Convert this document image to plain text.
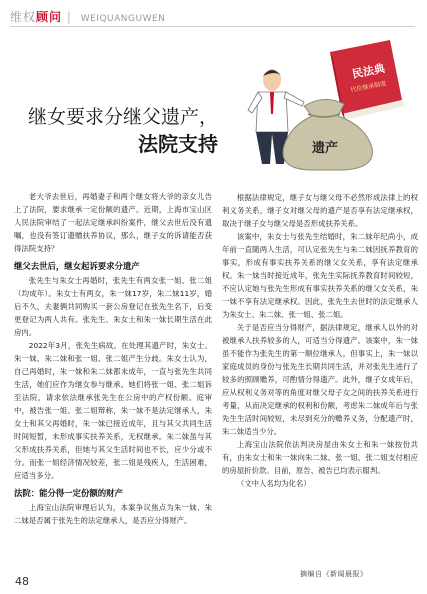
维权顾问 | WEIQUANGUWEN
民法典
代位继承制度
遗产
继女要求分继父遗产，
法院支持

老大爷去世后，再婚妻子和两个继女将大爷的亲女儿告上了法院，要求继承一定份额的遗产。近期，上海市宝山区人民法院审结了一起法定继承纠纷案件，继父去世后没有遗嘱，也没有签订遗赠扶养协议，那么，继子女的诉请能否获得法院支持？

继父去世后，继女起诉要求分遗产

张先生与朱女士再婚时，张先生有两女张一姐、张二姐（均成年）。朱女士有两女，朱一妹17岁，朱二妹11岁，婚后不久，夫妻俩共同购买一套公房登记在张先生名下，后变更登记为两人共有。张先生、朱女士和朱一妹长期生活在此房内。

2022年3月，张先生病故。在处理其遗产时，朱女士、朱一妹、朱二妹和张一姐、张二姐产生分歧。朱女士认为，自己再婚时，朱一妹和朱二妹都未成年，一直与张先生共同生活，她们应作为继女参与继承。她们将张一姐、张二姐诉至法院，请求依法继承张先生在公房中的产权份额。庭审中，被告张一姐、张二姐辩称，朱一妹不是法定继承人，朱女士和其父再婚时，朱一妹已接近成年，且与其父共同生活时间短暂，未形成事实扶养关系，无权继承。朱二妹虽与其父形成扶养关系，但她与其父生活时间也不长，应少分或不分。而张一姐经济情况较差，张二姐是残疾人，生活困难，应适当多分。

法院：能分得一定份额的财产

上海宝山法院审理后认为，本案争议焦点为朱一妹、朱二妹是否属于张先生的法定继承人，是否应分得财产。

根据法律规定，继子女与继父母不必然形成法律上的权利义务关系，继子女对继父母的遗产是否享有法定继承权，取决于继子女与继父母是否形成扶养关系。

该案中，朱女士与张先生结婚时，朱二妹年纪尚小，成年前一直随两人生活，可认定张先生与朱二妹因抚养教育的事实，形成有事实扶养关系的继父女关系，享有法定继承权。朱一妹当时接近成年，张先生实际抚养教育时间较短，不应认定她与张先生形成有事实扶养关系的继父女关系，朱一妹不享有法定继承权。因此，张先生去世时的法定继承人为朱女士、朱二妹、张一姐、张二姐。

关于是否应当分得财产，据法律规定，继承人以外的对被继承人扶养较多的人，可适当分得遗产。该案中，朱一妹虽不能作为张先生的第一顺位继承人，但事实上，朱一妹以家庭成员的身份与张先生长期共同生活，并对张先生进行了较多的照顾赡养，可酌情分得遗产。此外，继子女成年后，应从权利义务对等的角度对继父母子女之间的扶养关系进行考量，从而决定继承的权利和份额，考虑朱二妹成年后与张先生生活时间较短，未尽到充分的赡养义务，分配遗产时，朱二妹适当少分。

上海宝山法院依法判决房屋由朱女士和朱一妹按份共有，由朱女士和朱一妹向朱二妹、张一姐、张二姐支付相应的房屋折价款。目前，原告、被告已均表示服判。

（文中人名均为化名）

摘编自《新闻晨报》
48
